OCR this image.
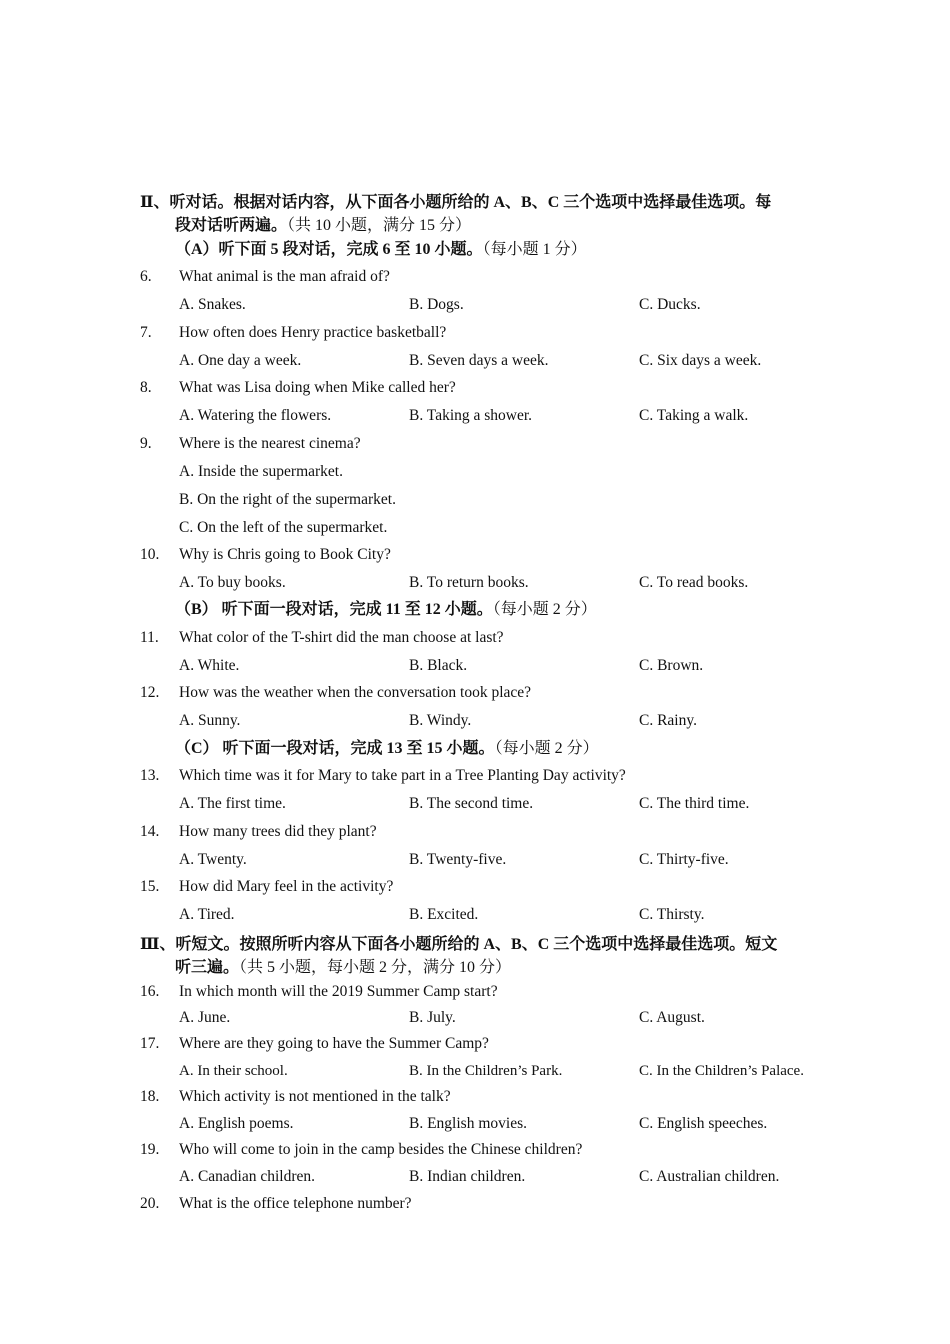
Ⅱ、听对话。根据对话内容，从下面各小题所给的 A、B、C 三个选项中选择最佳选项。每
段对话听两遍。（共 10 小题，满分 15 分）
（A）听下面 5 段对话，完成 6 至 10 小题。（每小题 1 分）
6. What animal is the man afraid of?
A. Snakes.	B. Dogs.	C. Ducks.
7. How often does Henry practice basketball?
A. One day a week.	B. Seven days a week.	C. Six days a week.
8. What was Lisa doing when Mike called her?
A. Watering the flowers.	B. Taking a shower.	C. Taking a walk.
9. Where is the nearest cinema?
A. Inside the supermarket.
B. On the right of the supermarket.
C. On the left of the supermarket.
10. Why is Chris going to Book City?
A. To buy books.	B. To return books.	C. To read books.
（B） 听下面一段对话，完成 11 至 12 小题。（每小题 2 分）
11. What color of the T-shirt did the man choose at last?
A. White.	B. Black.	C. Brown.
12. How was the weather when the conversation took place?
A. Sunny.	B. Windy.	C. Rainy.
（C） 听下面一段对话，完成 13 至 15 小题。（每小题 2 分）
13. Which time was it for Mary to take part in a Tree Planting Day activity?
A. The first time.	B. The second time.	C. The third time.
14. How many trees did they plant?
A. Twenty.	B. Twenty-five.	C. Thirty-five.
15. How did Mary feel in the activity?
A. Tired.	B. Excited.	C. Thirsty.
Ⅲ、听短文。按照所听内容从下面各小题所给的 A、B、C 三个选项中选择最佳选项。短文
听三遍。（共 5 小题，每小题 2 分，满分 10 分）
16. In which month will the 2019 Summer Camp start?
A. June.	B. July.	C. August.
17. Where are they going to have the Summer Camp?
A. In their school.	B. In the Children’s Park.	C. In the Children’s Palace.
18. Which activity is not mentioned in the talk?
A. English poems.	B. English movies.	C. English speeches.
19. Who will come to join in the camp besides the Chinese children?
A. Canadian children.	B. Indian children.	C. Australian children.
20. What is the office telephone number?
